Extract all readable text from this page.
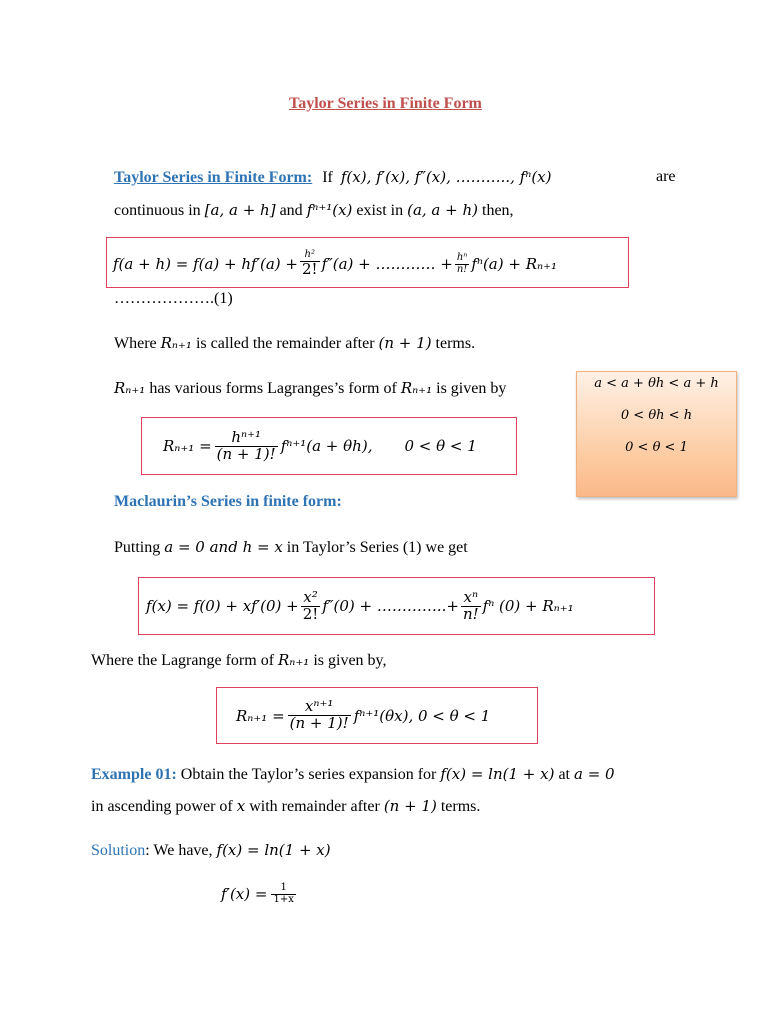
Taylor Series in Finite Form
Taylor Series in Finite Form: If f(x), f′(x), f″(x), ……….., fⁿ(x)	are
continuous in [a, a + h] and fⁿ⁺¹(x) exist in (a, a + h) then,
$f(a + h) = f(a) + hf'(a) + \frac{\text{h²}}{2!} f''(a)$ + ………… + $\frac{\text{hⁿ}}{n!} f^n(a) + R_{n+1}$
……………….(1)
Where Rₙ₊₁ is called the remainder after (n + 1) terms.
Rₙ₊₁ has various forms Lagranges’s form of Rₙ₊₁ is given by	a < a + θh < a + h
0 < θh < h
0 < θ < 1
$R_{n+1} = \frac{\text{hⁿ⁺¹}}{(n + 1)!} f^{n+1}(a + \theta h)$, 0 < θ < 1
Maclaurin’s Series in finite form:
Putting a = 0 and h = x in Taylor’s Series (1) we get
$f(x) = f(0) + xf'(0) + \frac{\text{x²}}{2!} f''(0)$ + …………..+ $\frac{\text{xⁿ}}{n!}$ fⁿ (0) + Rₙ₊₁
Where the Lagrange form of Rₙ₊₁ is given by,
$R_{n+1} = \frac{\text{xⁿ⁺¹}}{(n + 1)!} f^{n+1}(\theta x)$, 0 < θ < 1
Example 01: Obtain the Taylor’s series expansion for f(x) = ln(1 + x) at a = 0
in ascending power of x with remainder after (n + 1) terms.
Solution: We have, f(x) = ln(1 + x)
$f'(x) = \frac{1}{1+x}$
